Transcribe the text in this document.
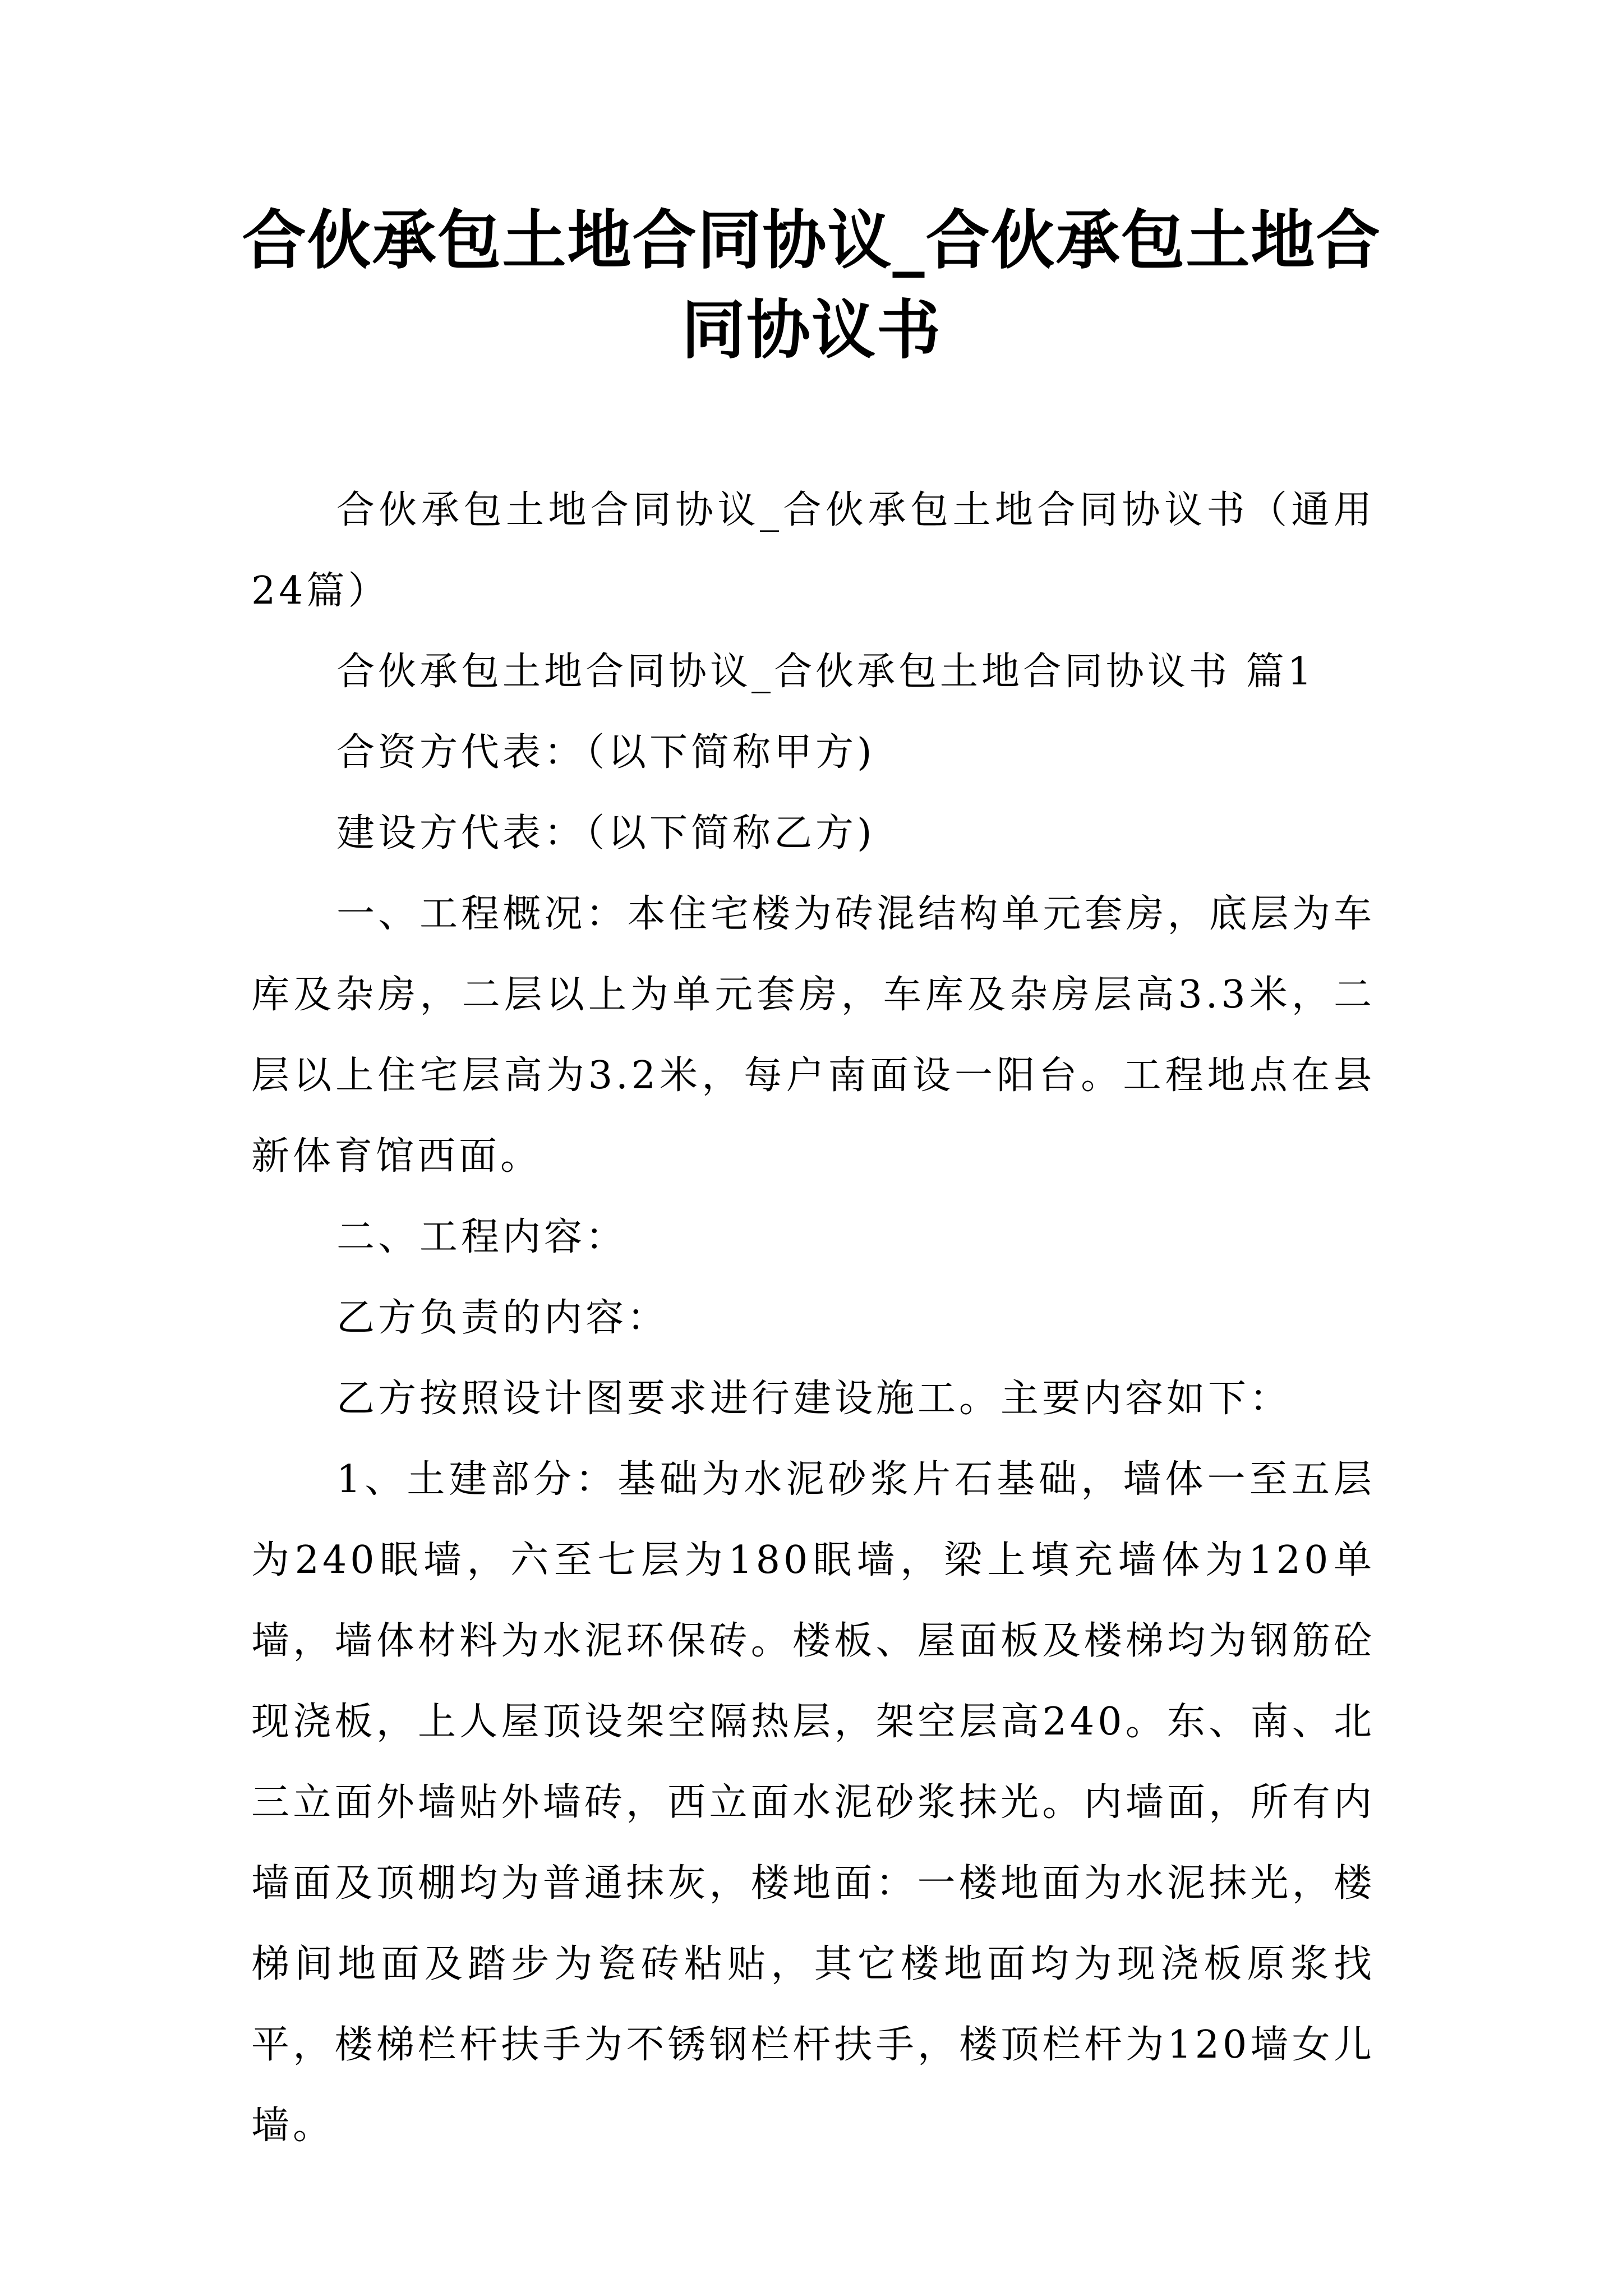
合伙承包土地合同协议_合伙承包土地合同协议书

合伙承包土地合同协议_合伙承包土地合同协议书（通用24篇）

合伙承包土地合同协议_合伙承包土地合同协议书 篇1

合资方代表：（以下简称甲方)

建设方代表：（以下简称乙方)

一、工程概况：本住宅楼为砖混结构单元套房，底层为车库及杂房，二层以上为单元套房，车库及杂房层高3.3米，二层以上住宅层高为3.2米，每户南面设一阳台。工程地点在县新体育馆西面。

二、工程内容：

乙方负责的内容：

乙方按照设计图要求进行建设施工。主要内容如下：

1、土建部分：基础为水泥砂浆片石基础，墙体一至五层为240眠墙，六至七层为180眠墙，梁上填充墙体为120单墙，墙体材料为水泥环保砖。楼板、屋面板及楼梯均为钢筋砼现浇板，上人屋顶设架空隔热层，架空层高240。东、南、北三立面外墙贴外墙砖，西立面水泥砂浆抹光。内墙面，所有内墙面及顶棚均为普通抹灰，楼地面：一楼地面为水泥抹光，楼梯间地面及踏步为瓷砖粘贴，其它楼地面均为现浇板原浆找平，楼梯栏杆扶手为不锈钢栏杆扶手，楼顶栏杆为120墙女儿墙。
